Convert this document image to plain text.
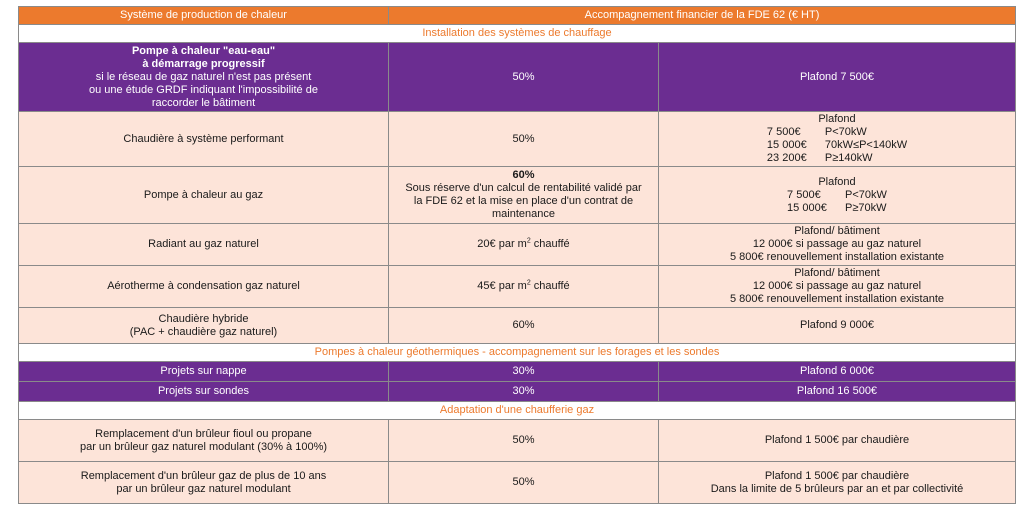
Système de production de chaleur	Accompagnement financier de la FDE 62 (€ HT)	
Installation des systèmes de chauffage		

Pompe à chaleur "eau-eau"
à démarrage progressif
si le réseau de gaz naturel n'est pas présent
ou une étude GRDF indiquant l'impossibilité de
raccorder le bâtiment	50%	Plafond 7 500€
Chaudière à système performant	50%	Plafond
7 500€ P<70kW
15 000€ 70kW≤P<140kW
23 200€ P≥140kW

Pompe à chaleur au gaz	60%
Sous réserve d'un calcul de rentabilité validé par
la FDE 62 et la mise en place d'un contrat de
maintenance	Plafond
7 500€ P<70kW
15 000€ P≥70kW

Radiant au gaz naturel	20€ par $m^2$ chauffé	Plafond/ bâtiment
12 000€ si passage au gaz naturel
5 800€ renouvellement installation existante

Aérotherme à condensation gaz naturel	45€ par $m^2$ chauffé	Plafond/ bâtiment
12 000€ si passage au gaz naturel
5 800€ renouvellement installation existante

Chaudière hybride
(PAC + chaudière gaz naturel)	60%	Plafond 9 000€
Pompes à chaleur géothermiques - accompagnement sur les forages et les sondes		
Projets sur nappe	30%	Plafond 6 000€
Projets sur sondes	30%	Plafond 16 500€
Adaptation d'une chaufferie gaz		

Remplacement d'un brûleur fioul ou propane
par un brûleur gaz naturel modulant (30% à 100%)	50%	Plafond 1 500€ par chaudière

Remplacement d'un brûleur gaz de plus de 10 ans
par un brûleur gaz naturel modulant	50%	Plafond 1 500€ par chaudière
Dans la limite de 5 brûleurs par an et par collectivité
